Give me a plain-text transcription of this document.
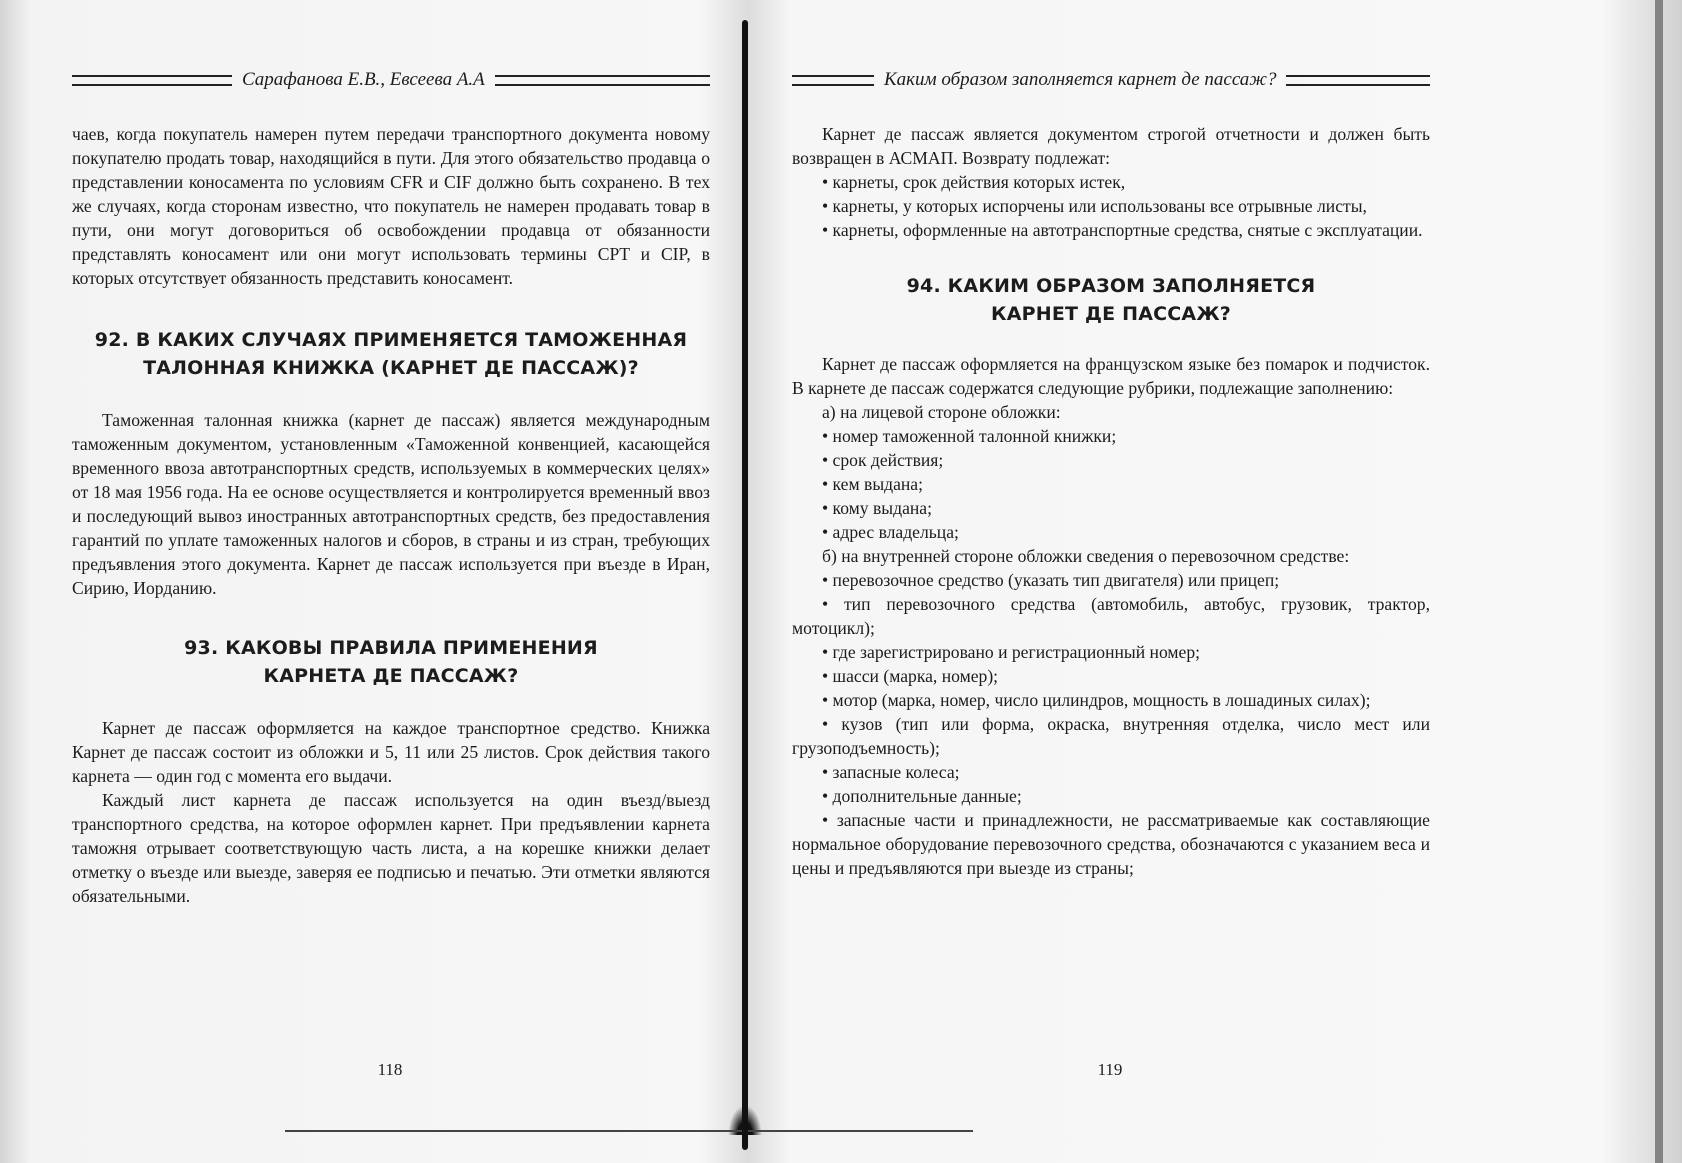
Сарафанова Е.В., Евсеева А.А

чаев, когда покупатель намерен путем передачи транспортного документа новому покупателю продать товар, находящийся в пути. Для этого обязательство продавца о представлении коносамента по условиям CFR и CIF должно быть сохранено. В тех же случаях, когда сторонам известно, что покупатель не намерен продавать товар в пути, они могут договориться об освобождении продавца от обязанности представлять коносамент или они могут использовать термины CPT и CIP, в которых отсутствует обязанность представить коносамент.

92. В КАКИХ СЛУЧАЯХ ПРИМЕНЯЕТСЯ ТАМОЖЕННАЯ
ТАЛОННАЯ КНИЖКА (КАРНЕТ ДЕ ПАССАЖ)?

Таможенная талонная книжка (карнет де пассаж) является международным таможенным документом, установленным «Таможенной конвенцией, касающейся временного ввоза автотранспортных средств, используемых в коммерческих целях» от 18 мая 1956 года. На ее основе осуществляется и контролируется временный ввоз и последующий вывоз иностранных автотранспортных средств, без предоставления гарантий по уплате таможенных налогов и сборов, в страны и из стран, требующих предъявления этого документа. Карнет де пассаж используется при въезде в Иран, Сирию, Иорданию.

93. КАКОВЫ ПРАВИЛА ПРИМЕНЕНИЯ
КАРНЕТА ДЕ ПАССАЖ?

Карнет де пассаж оформляется на каждое транспортное средство. Книжка Карнет де пассаж состоит из обложки и 5, 11 или 25 листов. Срок действия такого карнета — один год с момента его выдачи.

Каждый лист карнета де пассаж используется на один въезд/выезд транспортного средства, на которое оформлен карнет. При предъявлении карнета таможня отрывает соответствующую часть листа, а на корешке книжки делает отметку о въезде или выезде, заверяя ее подписью и печатью. Эти отметки являются обязательными.

118
Каким образом заполняется карнет де пассаж?

Карнет де пассаж является документом строгой отчетности и должен быть возвращен в АСМАП. Возврату подлежат:

• карнеты, срок действия которых истек,

• карнеты, у которых испорчены или использованы все отрывные листы,

• карнеты, оформленные на автотранспортные средства, снятые с эксплуатации.

94. КАКИМ ОБРАЗОМ ЗАПОЛНЯЕТСЯ
КАРНЕТ ДЕ ПАССАЖ?

Карнет де пассаж оформляется на французском языке без помарок и подчисток. В карнете де пассаж содержатся следующие рубрики, подлежащие заполнению:

а) на лицевой стороне обложки:

• номер таможенной талонной книжки;

• срок действия;

• кем выдана;

• кому выдана;

• адрес владельца;

б) на внутренней стороне обложки сведения о перевозочном средстве:

• перевозочное средство (указать тип двигателя) или прицеп;

• тип перевозочного средства (автомобиль, автобус, грузовик, трактор, мотоцикл);

• где зарегистрировано и регистрационный номер;

• шасси (марка, номер);

• мотор (марка, номер, число цилиндров, мощность в лошадиных силах);

• кузов (тип или форма, окраска, внутренняя отделка, число мест или грузоподъемность);

• запасные колеса;

• дополнительные данные;

• запасные части и принадлежности, не рассматриваемые как составляющие нормальное оборудование перевозочного средства, обозначаются с указанием веса и цены и предъявляются при выезде из страны;

119
